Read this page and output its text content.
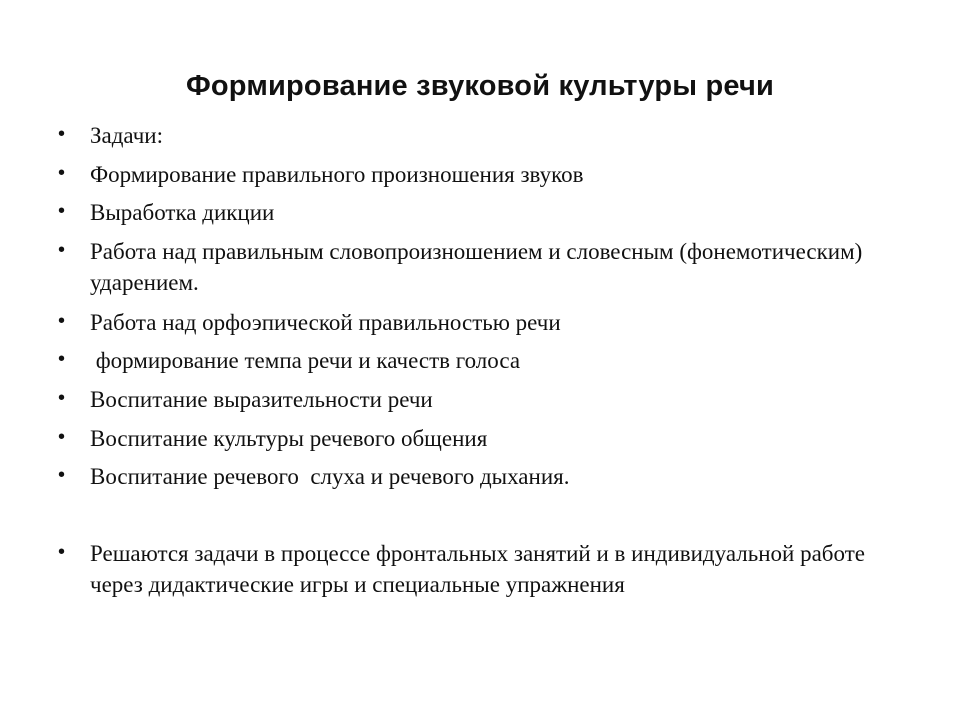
Формирование звуковой культуры речи
•	Задачи:
•	Формирование правильного произношения звуков
•	Выработка дикции
•	Работа над правильным словопроизношением и словесным (фонемотическим) ударением.
•	Работа над орфоэпической правильностью речи
•	формирование темпа речи и качеств голоса
•	Воспитание выразительности речи
•	Воспитание культуры речевого общения
•	Воспитание речевого  слуха и речевого дыхания.
•	Решаются задачи в процессе фронтальных занятий и в индивидуальной работе через дидактические игры и специальные упражнения
